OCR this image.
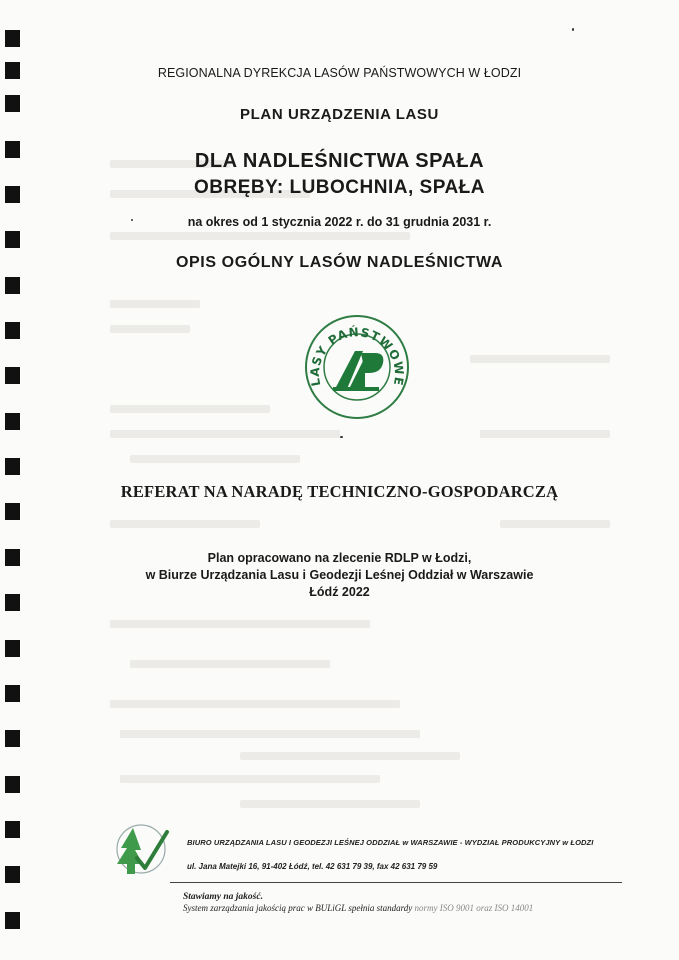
REGIONALNA DYREKCJA LASÓW PAŃSTWOWYCH W ŁODZI
PLAN URZĄDZENIA LASU
DLA NADLEŚNICTWA SPAŁA
OBRĘBY: LUBOCHNIA, SPAŁA
na okres od 1 stycznia 2022 r. do 31 grudnia 2031 r.
OPIS OGÓLNY LASÓW NADLEŚNICTWA
LASY PAŃSTWOWE
REFERAT NA NARADĘ TECHNICZNO-GOSPODARCZĄ
Plan opracowano na zlecenie RDLP w Łodzi,
w Biurze Urządzania Lasu i Geodezji Leśnej Oddział w Warszawie
Łódź 2022
BIURO URZĄDZANIA LASU I GEODEZJI LEŚNEJ ODDZIAŁ w WARSZAWIE - WYDZIAŁ PRODUKCYJNY w ŁODZI
ul. Jana Matejki 16, 91-402 Łódź, tel. 42 631 79 39, fax 42 631 79 59
Stawiamy na jakość.
System zarządzania jakością prac w BULiGL spełnia standardy normy ISO 9001 oraz ISO 14001
